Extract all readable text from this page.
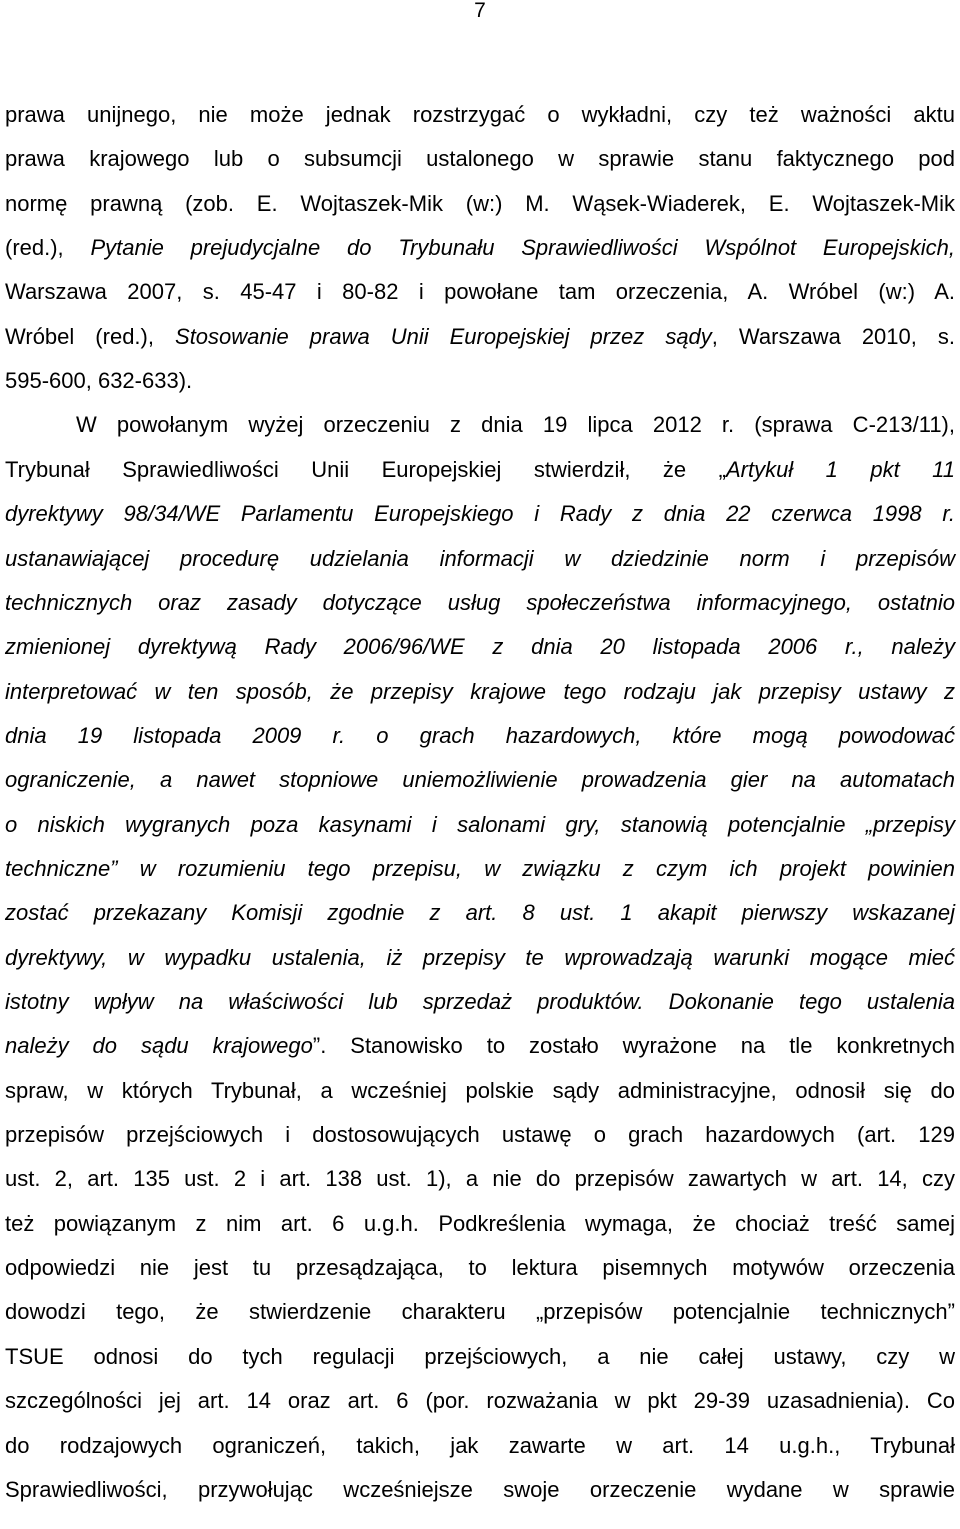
7
prawa unijnego, nie może jednak rozstrzygać o wykładni, czy też ważności aktu
prawa krajowego lub o subsumcji ustalonego w sprawie stanu faktycznego pod
normę prawną (zob. E. Wojtaszek-Mik (w:) M. Wąsek-Wiaderek, E. Wojtaszek-Mik
(red.), Pytanie prejudycjalne do Trybunału Sprawiedliwości Wspólnot Europejskich,
Warszawa 2007, s. 45-47 i 80-82 i powołane tam orzeczenia, A. Wróbel (w:) A.
Wróbel (red.), Stosowanie prawa Unii Europejskiej przez sądy, Warszawa 2010, s.
595-600, 632-633).
W powołanym wyżej orzeczeniu z dnia 19 lipca 2012 r. (sprawa C-213/11),
Trybunał Sprawiedliwości Unii Europejskiej stwierdził, że „Artykuł 1 pkt 11
dyrektywy 98/34/WE Parlamentu Europejskiego i Rady z dnia 22 czerwca 1998 r.
ustanawiającej procedurę udzielania informacji w dziedzinie norm i przepisów
technicznych oraz zasady dotyczące usług społeczeństwa informacyjnego, ostatnio
zmienionej dyrektywą Rady 2006/96/WE z dnia 20 listopada 2006 r., należy
interpretować w ten sposób, że przepisy krajowe tego rodzaju jak przepisy ustawy z
dnia 19 listopada 2009 r. o grach hazardowych, które mogą powodować
ograniczenie, a nawet stopniowe uniemożliwienie prowadzenia gier na automatach
o niskich wygranych poza kasynami i salonami gry, stanowią potencjalnie „przepisy
techniczne” w rozumieniu tego przepisu, w związku z czym ich projekt powinien
zostać przekazany Komisji zgodnie z art. 8 ust. 1 akapit pierwszy wskazanej
dyrektywy, w wypadku ustalenia, iż przepisy te wprowadzają warunki mogące mieć
istotny wpływ na właściwości lub sprzedaż produktów. Dokonanie tego ustalenia
należy do sądu krajowego”. Stanowisko to zostało wyrażone na tle konkretnych
spraw, w których Trybunał, a wcześniej polskie sądy administracyjne, odnosił się do
przepisów przejściowych i dostosowujących ustawę o grach hazardowych (art. 129
ust. 2, art. 135 ust. 2 i art. 138 ust. 1), a nie do przepisów zawartych w art. 14, czy
też powiązanym z nim art. 6 u.g.h. Podkreślenia wymaga, że chociaż treść samej
odpowiedzi nie jest tu przesądzająca, to lektura pisemnych motywów orzeczenia
dowodzi tego, że stwierdzenie charakteru „przepisów potencjalnie technicznych”
TSUE odnosi do tych regulacji przejściowych, a nie całej ustawy, czy w
szczególności jej art. 14 oraz art. 6 (por. rozważania w pkt 29-39 uzasadnienia). Co
do rodzajowych ograniczeń, takich, jak zawarte w art. 14 u.g.h., Trybunał
Sprawiedliwości, przywołując wcześniejsze swoje orzeczenie wydane w sprawie
